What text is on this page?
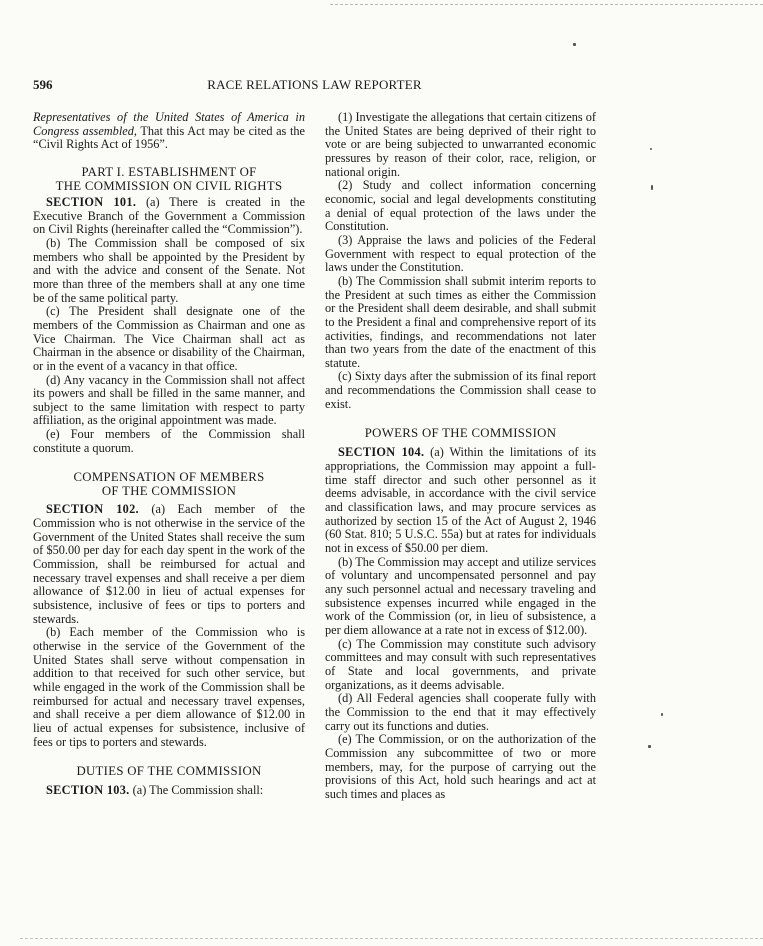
596	RACE RELATIONS LAW REPORTER

Representatives of the United States of America in Congress assembled, That this Act may be cited as the “Civil Rights Act of 1956”.

PART I. ESTABLISHMENT OF
THE COMMISSION ON CIVIL RIGHTS

SECTION 101. (a) There is created in the Executive Branch of the Government a Commission on Civil Rights (hereinafter called the “Commission”).

(b) The Commission shall be composed of six members who shall be appointed by the President by and with the advice and consent of the Senate. Not more than three of the members shall at any one time be of the same political party.

(c) The President shall designate one of the members of the Commission as Chairman and one as Vice Chairman. The Vice Chairman shall act as Chairman in the absence or disability of the Chairman, or in the event of a vacancy in that office.

(d) Any vacancy in the Commission shall not affect its powers and shall be filled in the same manner, and subject to the same limitation with respect to party affiliation, as the original appointment was made.

(e) Four members of the Commission shall constitute a quorum.

COMPENSATION OF MEMBERS
OF THE COMMISSION

SECTION 102. (a) Each member of the Commission who is not otherwise in the service of the Government of the United States shall receive the sum of $50.00 per day for each day spent in the work of the Commission, shall be reimbursed for actual and necessary travel expenses and shall receive a per diem allowance of $12.00 in lieu of actual expenses for subsistence, inclusive of fees or tips to porters and stewards.

(b) Each member of the Commission who is otherwise in the service of the Government of the United States shall serve without compensation in addition to that received for such other service, but while engaged in the work of the Commission shall be reimbursed for actual and necessary travel expenses, and shall receive a per diem allowance of $12.00 in lieu of actual expenses for subsistence, inclusive of fees or tips to porters and stewards.

DUTIES OF THE COMMISSION

SECTION 103. (a) The Commission shall:

(1) Investigate the allegations that certain citizens of the United States are being deprived of their right to vote or are being subjected to unwarranted economic pressures by reason of their color, race, religion, or national origin.

(2) Study and collect information concerning economic, social and legal developments constituting a denial of equal protection of the laws under the Constitution.

(3) Appraise the laws and policies of the Federal Government with respect to equal protection of the laws under the Constitution.

(b) The Commission shall submit interim reports to the President at such times as either the Commission or the President shall deem desirable, and shall submit to the President a final and comprehensive report of its activities, findings, and recommendations not later than two years from the date of the enactment of this statute.

(c) Sixty days after the submission of its final report and recommendations the Commission shall cease to exist.

POWERS OF THE COMMISSION

SECTION 104. (a) Within the limitations of its appropriations, the Commission may appoint a full-time staff director and such other personnel as it deems advisable, in accordance with the civil service and classification laws, and may procure services as authorized by section 15 of the Act of August 2, 1946 (60 Stat. 810; 5 U.S.C. 55a) but at rates for individuals not in excess of $50.00 per diem.

(b) The Commission may accept and utilize services of voluntary and uncompensated personnel and pay any such personnel actual and necessary traveling and subsistence expenses incurred while engaged in the work of the Commission (or, in lieu of subsistence, a per diem allowance at a rate not in excess of $12.00).

(c) The Commission may constitute such advisory committees and may consult with such representatives of State and local governments, and private organizations, as it deems advisable.

(d) All Federal agencies shall cooperate fully with the Commission to the end that it may effectively carry out its functions and duties.

(e) The Commission, or on the authorization of the Commission any subcommittee of two or more members, may, for the purpose of carrying out the provisions of this Act, hold such hearings and act at such times and places as
